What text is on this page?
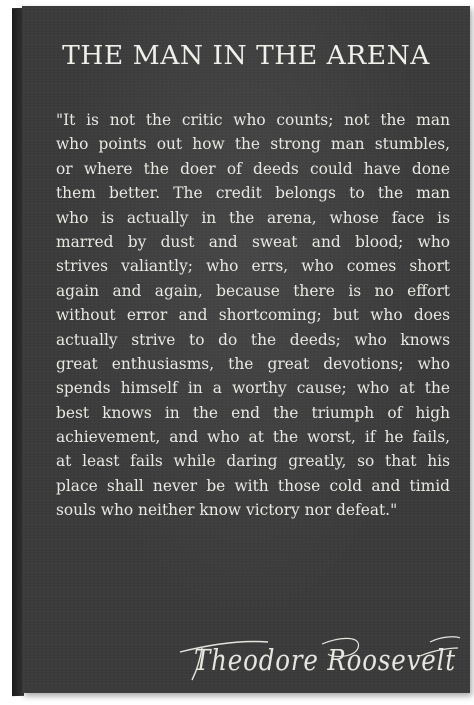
THE MAN IN THE ARENA
"It is not the critic who counts; not the man
who points out how the strong man stumbles,
or where the doer of deeds could have done
them better. The credit belongs to the man
who is actually in the arena, whose face is
marred by dust and sweat and blood; who
strives valiantly; who errs, who comes short
again and again, because there is no effort
without error and shortcoming; but who does
actually strive to do the deeds; who knows
great enthusiasms, the great devotions; who
spends himself in a worthy cause; who at the
best knows in the end the triumph of high
achievement, and who at the worst, if he fails,
at least fails while daring greatly, so that his
place shall never be with those cold and timid
souls who neither know victory nor defeat."
Theodore Roosevelt
